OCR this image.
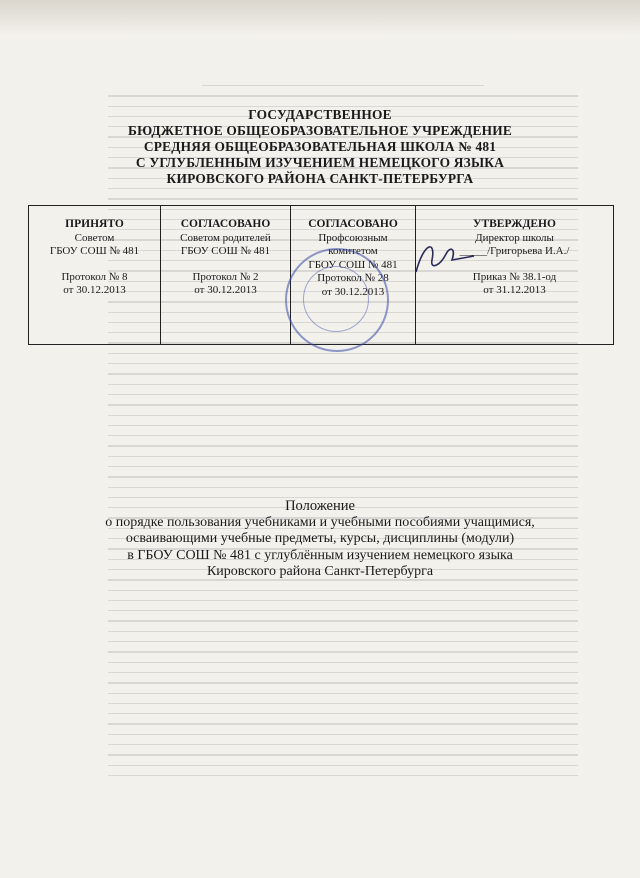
ГОСУДАРСТВЕННОЕ
БЮДЖЕТНОЕ ОБЩЕОБРАЗОВАТЕЛЬНОЕ УЧРЕЖДЕНИЕ
СРЕДНЯЯ ОБЩЕОБРАЗОВАТЕЛЬНАЯ ШКОЛА № 481
С УГЛУБЛЕННЫМ ИЗУЧЕНИЕМ НЕМЕЦКОГО ЯЗЫКА
КИРОВСКОГО РАЙОНА САНКТ-ПЕТЕРБУРГА
ПРИНЯТО
Советом
ГБОУ СОШ № 481
Протокол № 8
от 30.12.2013
СОГЛАСОВАНО
Советом родителей
ГБОУ СОШ № 481
Протокол № 2
от 30.12.2013
СОГЛАСОВАНО
Профсоюзным
комитетом
ГБОУ СОШ № 481
Протокол № 28
от 30.12.2013
УТВЕРЖДЕНО
Директор школы
_____/Григорьева И.А./
Приказ № 38.1-од
от 31.12.2013
Положение
о порядке пользования учебниками и учебными пособиями учащимися,
осваивающими учебные предметы, курсы, дисциплины (модули)
в ГБОУ СОШ № 481 с углублённым изучением немецкого языка
Кировского района Санкт-Петербурга
